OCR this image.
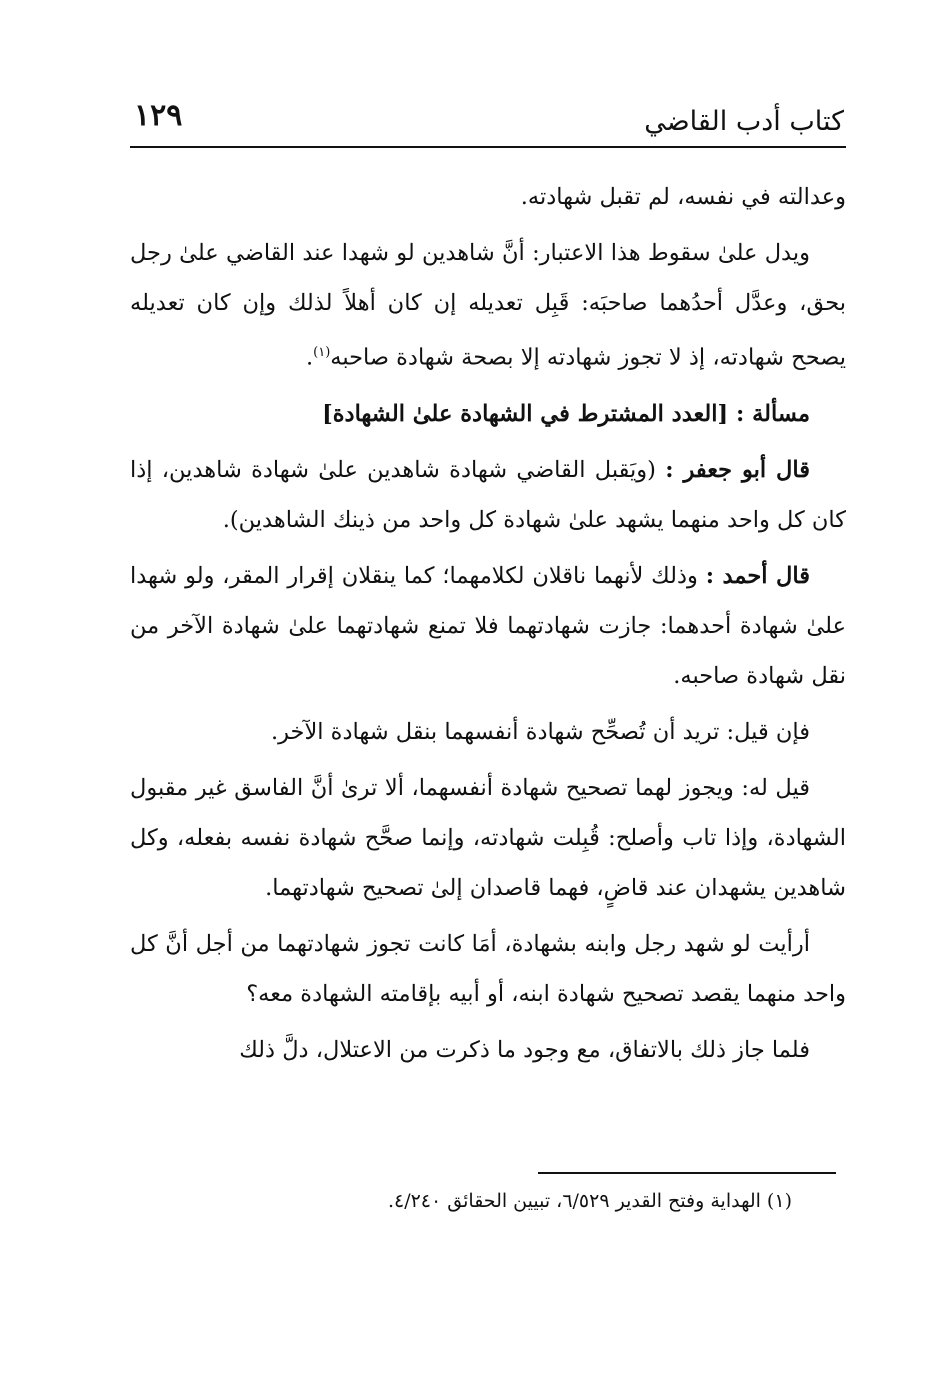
كتاب أدب القاضي
١٢٩

وعدالته في نفسه، لم تقبل شهادته.

ويدل علىٰ سقوط هذا الاعتبار: أنَّ شاهدين لو شهدا عند القاضي علىٰ رجل بحق، وعدَّل أحدُهما صاحبَه: قَبِل تعديله إن كان أهلاً لذلك وإن كان تعديله يصحح شهادته، إذ لا تجوز شهادته إلا بصحة شهادة صاحبه$^{(١)}$.

مسألة : [العدد المشترط في الشهادة علىٰ الشهادة]

قال أبو جعفر : (ويَقبل القاضي شهادة شاهدين علىٰ شهادة شاهدين، إذا كان كل واحد منهما يشهد علىٰ شهادة كل واحد من ذينك الشاهدين).

قال أحمد : وذلك لأنهما ناقلان لكلامهما؛ كما ينقلان إقرار المقر، ولو شهدا علىٰ شهادة أحدهما: جازت شهادتهما فلا تمنع شهادتهما علىٰ شهادة الآخر من نقل شهادة صاحبه.

فإن قيل: تريد أن تُصحِّح شهادة أنفسهما بنقل شهادة الآخر.

قيل له: ويجوز لهما تصحيح شهادة أنفسهما، ألا ترىٰ أنَّ الفاسق غير مقبول الشهادة، وإذا تاب وأصلح: قُبِلت شهادته، وإنما صحَّح شهادة نفسه بفعله، وكل شاهدين يشهدان عند قاضٍ، فهما قاصدان إلىٰ تصحيح شهادتهما.

أرأيت لو شهد رجل وابنه بشهادة، أمَا كانت تجوز شهادتهما من أجل أنَّ كل واحد منهما يقصد تصحيح شهادة ابنه، أو أبيه بإقامته الشهادة معه؟

فلما جاز ذلك بالاتفاق، مع وجود ما ذكرت من الاعتلال، دلَّ ذلك

(١) الهداية وفتح القدير ٦/٥٢٩، تبيين الحقائق ٤/٢٤٠.
